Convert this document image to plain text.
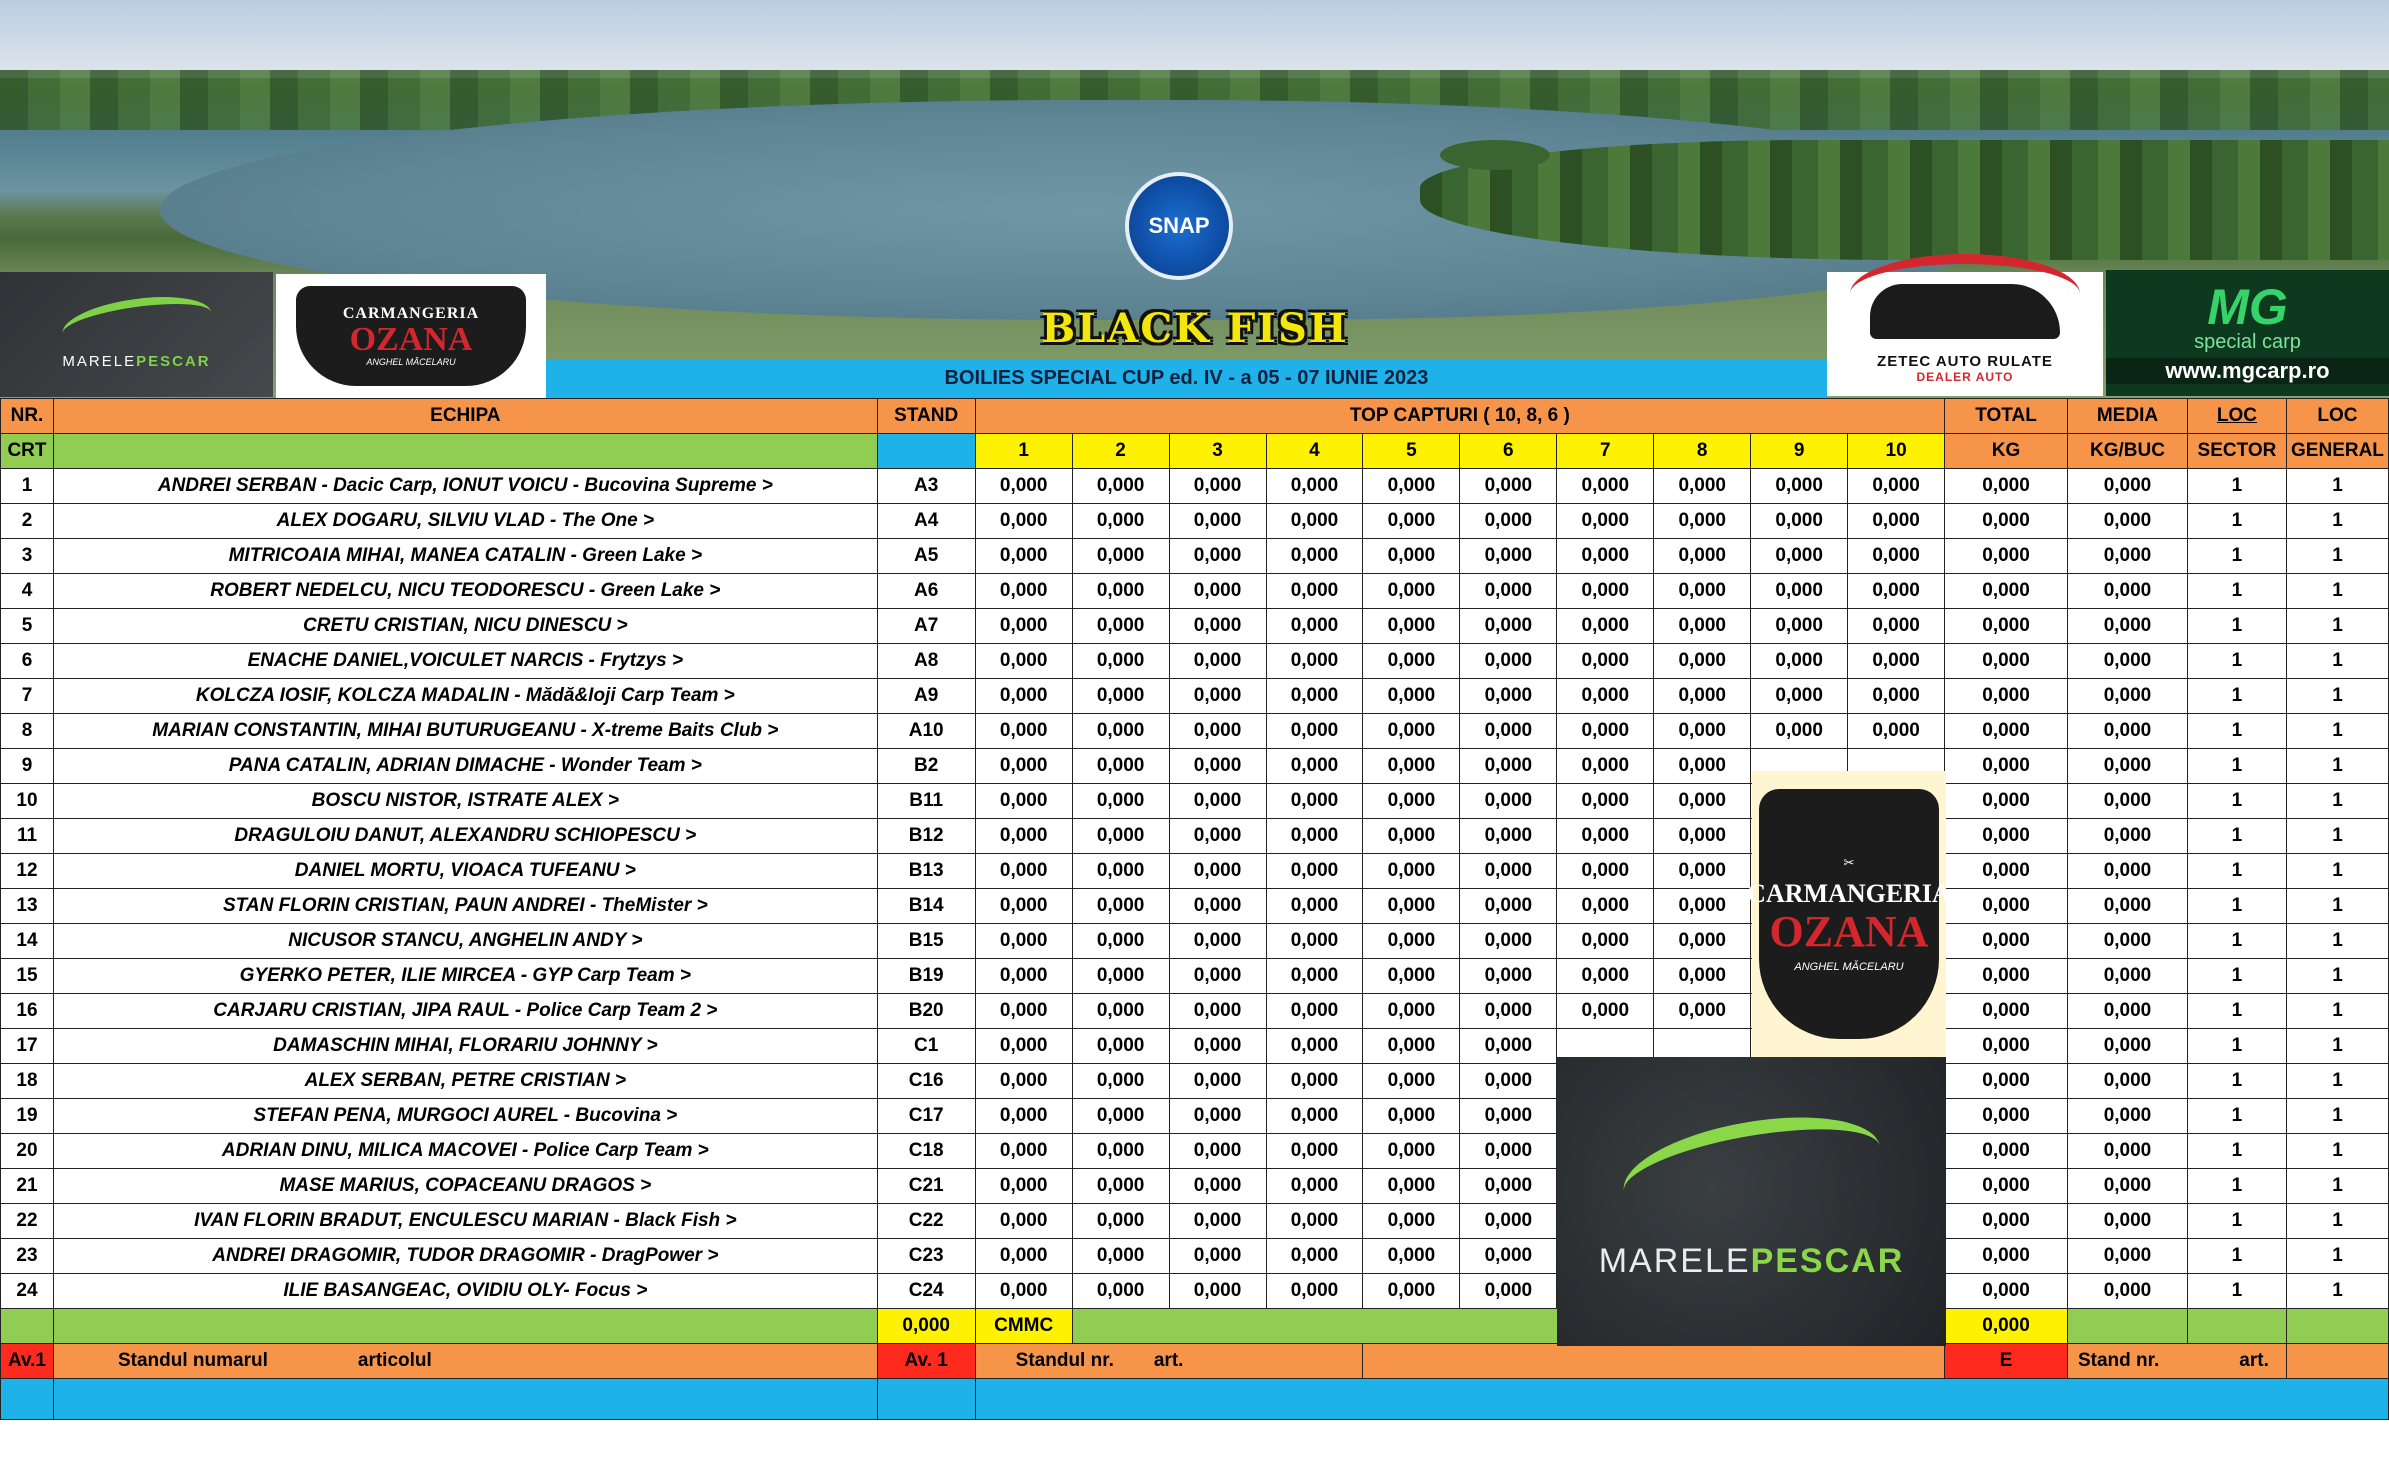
SNAP
BLACK FISH
MARELEPESCAR
CARMANGERIA
OZANA
ANGHEL MĂCELARU
BOILIES SPECIAL CUP ed. IV - a 05 - 07 IUNIE 2023
ZETEC AUTO RULATE
DEALER AUTO
MG
special carp
www.mgcarp.ro
NR.	ECHIPA	STAND	TOP CAPTURI ( 10, 8, 6 )										TOTAL	MEDIA	LOC	LOC
CRT			1	2	3	4	5	6	7	8	9	10	KG	KG/BUC	SECTOR	GENERAL
1	ANDREI SERBAN - Dacic Carp, IONUT VOICU - Bucovina Supreme >	A3	0,000	0,000	0,000	0,000	0,000	0,000	0,000	0,000	0,000	0,000	0,000	0,000	1	1
2	ALEX DOGARU, SILVIU VLAD - The One >	A4	0,000	0,000	0,000	0,000	0,000	0,000	0,000	0,000	0,000	0,000	0,000	0,000	1	1
3	MITRICOAIA MIHAI, MANEA CATALIN - Green Lake >	A5	0,000	0,000	0,000	0,000	0,000	0,000	0,000	0,000	0,000	0,000	0,000	0,000	1	1
4	ROBERT NEDELCU, NICU TEODORESCU - Green Lake >	A6	0,000	0,000	0,000	0,000	0,000	0,000	0,000	0,000	0,000	0,000	0,000	0,000	1	1
5	CRETU CRISTIAN, NICU DINESCU >	A7	0,000	0,000	0,000	0,000	0,000	0,000	0,000	0,000	0,000	0,000	0,000	0,000	1	1
6	ENACHE DANIEL,VOICULET NARCIS - Frytzys >	A8	0,000	0,000	0,000	0,000	0,000	0,000	0,000	0,000	0,000	0,000	0,000	0,000	1	1
7	KOLCZA IOSIF, KOLCZA MADALIN - Mădă&Ioji Carp Team >	A9	0,000	0,000	0,000	0,000	0,000	0,000	0,000	0,000	0,000	0,000	0,000	0,000	1	1
8	MARIAN CONSTANTIN, MIHAI BUTURUGEANU - X-treme Baits Club >	A10	0,000	0,000	0,000	0,000	0,000	0,000	0,000	0,000	0,000	0,000	0,000	0,000	1	1
9	PANA CATALIN, ADRIAN DIMACHE - Wonder Team >	B2	0,000	0,000	0,000	0,000	0,000	0,000	0,000	0,000			0,000	0,000	1	1
10	BOSCU NISTOR, ISTRATE ALEX >	B11	0,000	0,000	0,000	0,000	0,000	0,000	0,000	0,000			0,000	0,000	1	1
11	DRAGULOIU DANUT, ALEXANDRU SCHIOPESCU >	B12	0,000	0,000	0,000	0,000	0,000	0,000	0,000	0,000			0,000	0,000	1	1
12	DANIEL MORTU, VIOACA TUFEANU >	B13	0,000	0,000	0,000	0,000	0,000	0,000	0,000	0,000			0,000	0,000	1	1
13	STAN FLORIN CRISTIAN, PAUN ANDREI - TheMister >	B14	0,000	0,000	0,000	0,000	0,000	0,000	0,000	0,000			0,000	0,000	1	1
14	NICUSOR STANCU, ANGHELIN ANDY >	B15	0,000	0,000	0,000	0,000	0,000	0,000	0,000	0,000			0,000	0,000	1	1
15	GYERKO PETER, ILIE MIRCEA - GYP Carp Team >	B19	0,000	0,000	0,000	0,000	0,000	0,000	0,000	0,000			0,000	0,000	1	1
16	CARJARU CRISTIAN, JIPA RAUL - Police Carp Team 2 >	B20	0,000	0,000	0,000	0,000	0,000	0,000	0,000	0,000			0,000	0,000	1	1
17	DAMASCHIN MIHAI, FLORARIU JOHNNY >	C1	0,000	0,000	0,000	0,000	0,000	0,000					0,000	0,000	1	1
18	ALEX SERBAN, PETRE CRISTIAN >	C16	0,000	0,000	0,000	0,000	0,000	0,000					0,000	0,000	1	1
19	STEFAN PENA, MURGOCI AUREL - Bucovina >	C17	0,000	0,000	0,000	0,000	0,000	0,000					0,000	0,000	1	1
20	ADRIAN DINU, MILICA MACOVEI - Police Carp Team >	C18	0,000	0,000	0,000	0,000	0,000	0,000					0,000	0,000	1	1
21	MASE MARIUS, COPACEANU DRAGOS >	C21	0,000	0,000	0,000	0,000	0,000	0,000					0,000	0,000	1	1
22	IVAN FLORIN BRADUT, ENCULESCU MARIAN - Black Fish >	C22	0,000	0,000	0,000	0,000	0,000	0,000					0,000	0,000	1	1
23	ANDREI DRAGOMIR, TUDOR DRAGOMIR - DragPower >	C23	0,000	0,000	0,000	0,000	0,000	0,000					0,000	0,000	1	1
24	ILIE BASANGEAC, OVIDIU OLY- Focus >	C24	0,000	0,000	0,000	0,000	0,000	0,000					0,000	0,000	1	1
		0,000	CMMC										0,000			
Av.1	Standul numarul articolul	Av. 1	Standul nr. art.										E	Stand nr. art.		

✂
CARMANGERIA
OZANA
ANGHEL MĂCELARU
MARELEPESCAR
